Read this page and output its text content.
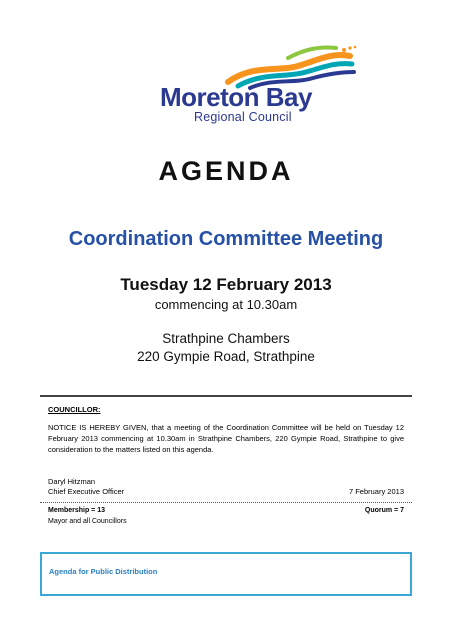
Moreton Bay
Regional Council
AGENDA
Coordination Committee Meeting
Tuesday 12 February 2013
commencing at 10.30am
Strathpine Chambers
220 Gympie Road, Strathpine
COUNCILLOR:
NOTICE IS HEREBY GIVEN, that a meeting of the Coordination Committee will be held on Tuesday 12 February 2013 commencing at 10.30am in Strathpine Chambers, 220 Gympie Road, Strathpine to give consideration to the matters listed on this agenda.
Daryl Hitzman
Chief Executive Officer	7 February 2013
Membership = 13	Quorum = 7
Mayor and all Councillors
Agenda for Public Distribution
